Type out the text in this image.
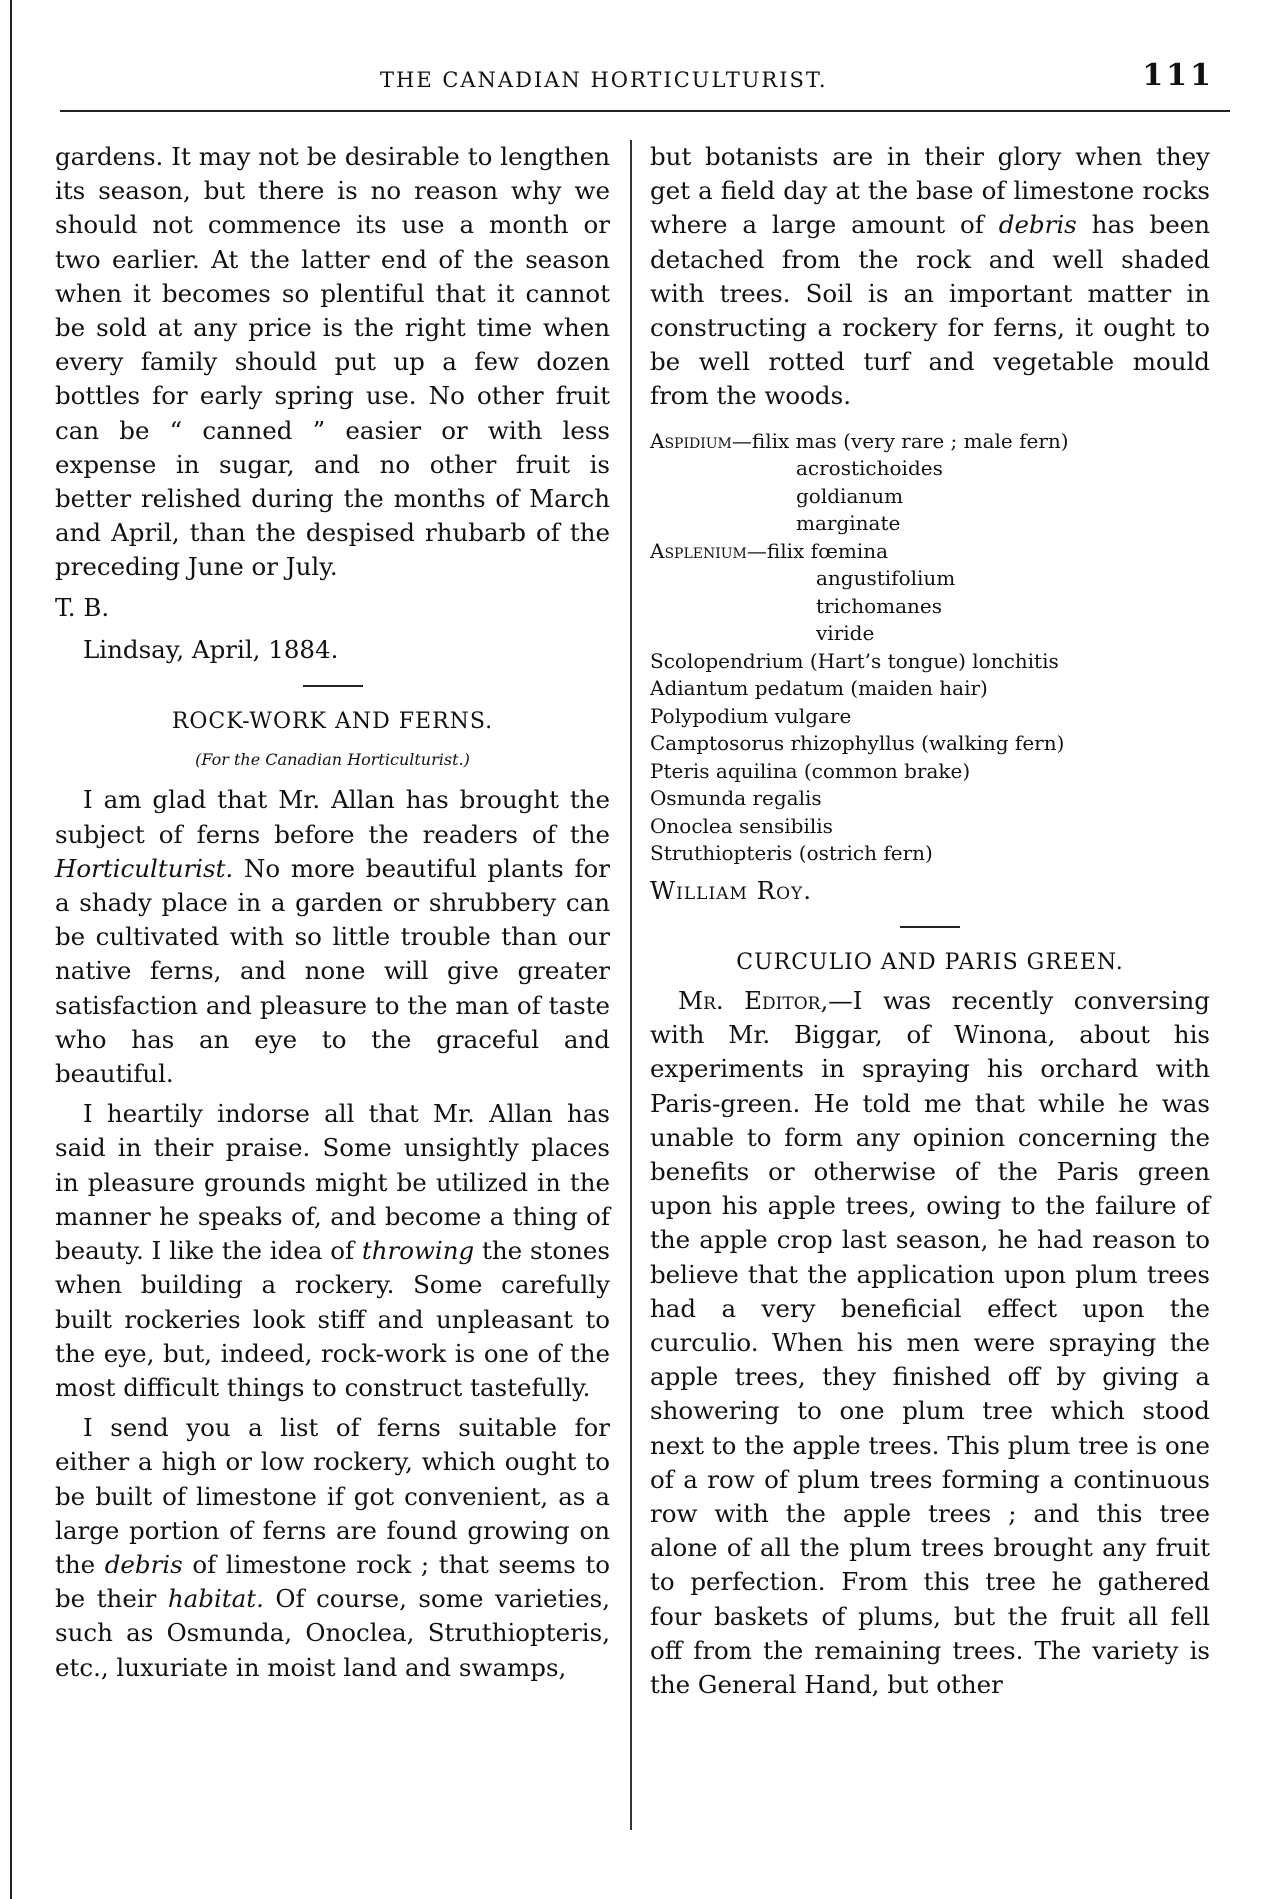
THE CANADIAN HORTICULTURIST.	111

gardens. It may not be desirable to lengthen its season, but there is no reason why we should not commence its use a month or two earlier. At the latter end of the season when it becomes so plentiful that it cannot be sold at any price is the right time when every family should put up a few dozen bottles for early spring use. No other fruit can be “ canned ” easier or with less expense in sugar, and no other fruit is better relished during the months of March and April, than the despised rhubarb of the preceding June or July.

T. B.

Lindsay, April, 1884.

ROCK-WORK AND FERNS.

(For the Canadian Horticulturist.)

I am glad that Mr. Allan has brought the subject of ferns before the readers of the Horticulturist. No more beautiful plants for a shady place in a garden or shrubbery can be cultivated with so little trouble than our native ferns, and none will give greater satisfaction and pleasure to the man of taste who has an eye to the graceful and beautiful.

I heartily indorse all that Mr. Allan has said in their praise. Some unsightly places in pleasure grounds might be utilized in the manner he speaks of, and become a thing of beauty. I like the idea of throwing the stones when building a rockery. Some carefully built rockeries look stiff and unpleasant to the eye, but, indeed, rock-work is one of the most difficult things to construct tastefully.

I send you a list of ferns suitable for either a high or low rockery, which ought to be built of limestone if got convenient, as a large portion of ferns are found growing on the debris of limestone rock ; that seems to be their habitat. Of course, some varieties, such as Osmunda, Onoclea, Struthiopteris, etc., luxuriate in moist land and swamps,

but botanists are in their glory when they get a field day at the base of limestone rocks where a large amount of debris has been detached from the rock and well shaded with trees. Soil is an important matter in constructing a rockery for ferns, it ought to be well rotted turf and vegetable mould from the woods.

Aspidium—filix mas (very rare ; male fern)
acrostichoides
goldianum
marginate
Asplenium—filix fœmina
angustifolium
trichomanes
viride
Scolopendrium (Hart’s tongue) lonchitis
Adiantum pedatum (maiden hair)
Polypodium vulgare
Camptosorus rhizophyllus (walking fern)
Pteris aquilina (common brake)
Osmunda regalis
Onoclea sensibilis
Struthiopteris (ostrich fern)

William Roy.

CURCULIO AND PARIS GREEN.

Mr. Editor,—I was recently conversing with Mr. Biggar, of Winona, about his experiments in spraying his orchard with Paris-green. He told me that while he was unable to form any opinion concerning the benefits or otherwise of the Paris green upon his apple trees, owing to the failure of the apple crop last season, he had reason to believe that the application upon plum trees had a very beneficial effect upon the curculio. When his men were spraying the apple trees, they finished off by giving a showering to one plum tree which stood next to the apple trees. This plum tree is one of a row of plum trees forming a continuous row with the apple trees ; and this tree alone of all the plum trees brought any fruit to perfection. From this tree he gathered four baskets of plums, but the fruit all fell off from the remaining trees. The variety is the General Hand, but other
